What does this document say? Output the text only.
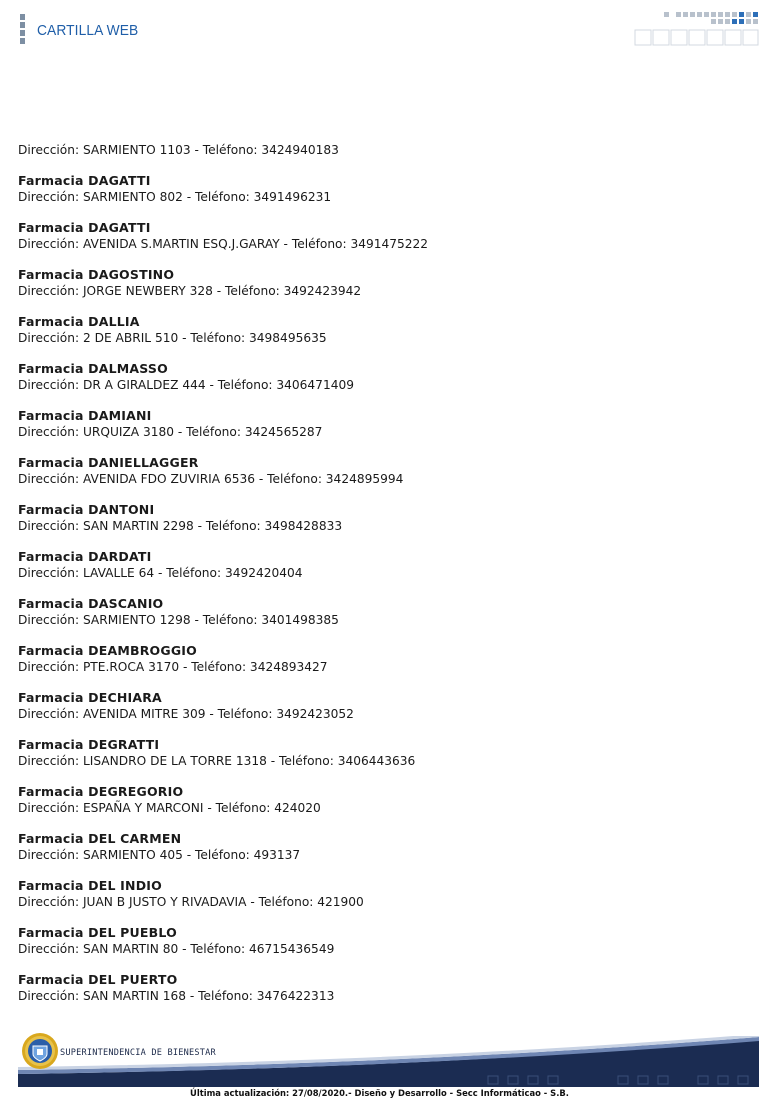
CARTILLA WEB
Dirección: SARMIENTO 1103 - Teléfono: 3424940183
Farmacia DAGATTI
Dirección: SARMIENTO 802 - Teléfono: 3491496231
Farmacia DAGATTI
Dirección: AVENIDA S.MARTIN ESQ.J.GARAY - Teléfono: 3491475222
Farmacia DAGOSTINO
Dirección: JORGE NEWBERY 328 - Teléfono: 3492423942
Farmacia DALLIA
Dirección: 2 DE ABRIL 510 - Teléfono: 3498495635
Farmacia DALMASSO
Dirección: DR A GIRALDEZ 444 - Teléfono: 3406471409
Farmacia DAMIANI
Dirección: URQUIZA 3180 - Teléfono: 3424565287
Farmacia DANIELLAGGER
Dirección: AVENIDA FDO ZUVIRIA 6536 - Teléfono: 3424895994
Farmacia DANTONI
Dirección: SAN MARTIN 2298 - Teléfono: 3498428833
Farmacia DARDATI
Dirección: LAVALLE 64 - Teléfono: 3492420404
Farmacia DASCANIO
Dirección: SARMIENTO 1298 - Teléfono: 3401498385
Farmacia DEAMBROGGIO
Dirección: PTE.ROCA 3170 - Teléfono: 3424893427
Farmacia DECHIARA
Dirección: AVENIDA MITRE 309 - Teléfono: 3492423052
Farmacia DEGRATTI
Dirección: LISANDRO DE LA TORRE 1318 - Teléfono: 3406443636
Farmacia DEGREGORIO
Dirección: ESPAÑA Y MARCONI - Teléfono: 424020
Farmacia DEL CARMEN
Dirección: SARMIENTO 405 - Teléfono: 493137
Farmacia DEL INDIO
Dirección: JUAN B JUSTO Y RIVADAVIA - Teléfono: 421900
Farmacia DEL PUEBLO
Dirección: SAN MARTIN 80 - Teléfono: 46715436549
Farmacia DEL PUERTO
Dirección: SAN MARTIN 168 - Teléfono: 3476422313
SUPERINTENDENCIA DE BIENESTAR
Última actualización: 27/08/2020.- Diseño y Desarrollo - Secc Informáticao - S.B.
